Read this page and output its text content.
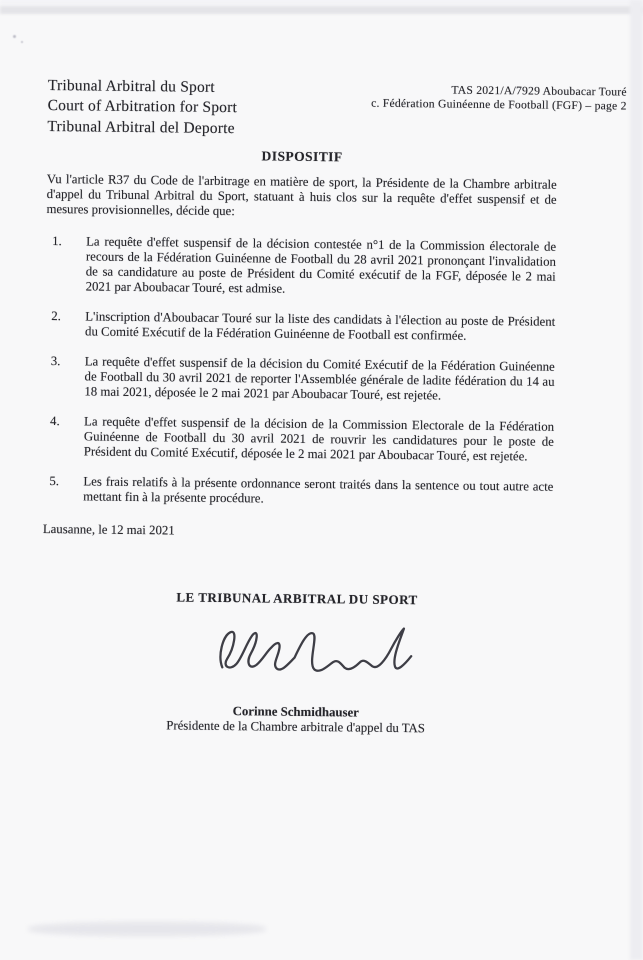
Tribunal Arbitral du Sport
Court of Arbitration for Sport
Tribunal Arbitral del Deporte
TAS 2021/A/7929 Aboubacar Touré
c. Fédération Guinéenne de Football (FGF) – page 2
DISPOSITIF

Vu l'article R37 du Code de l'arbitrage en matière de sport, la Présidente de la Chambre arbitrale d'appel du Tribunal Arbitral du Sport, statuant à huis clos sur la requête d'effet suspensif et de mesures provisionnelles, décide que:

1.	La requête d'effet suspensif de la décision contestée n°1 de la Commission électorale de recours de la Fédération Guinéenne de Football du 28 avril 2021 prononçant l'invalidation de sa candidature au poste de Président du Comité exécutif de la FGF, déposée le 2 mai 2021 par Aboubacar Touré, est admise.
2.	L'inscription d'Aboubacar Touré sur la liste des candidats à l'élection au poste de Président du Comité Exécutif de la Fédération Guinéenne de Football est confirmée.
3.	La requête d'effet suspensif de la décision du Comité Exécutif de la Fédération Guinéenne de Football du 30 avril 2021 de reporter l'Assemblée générale de ladite fédération du 14 au 18 mai 2021, déposée le 2 mai 2021 par Aboubacar Touré, est rejetée.
4.	La requête d'effet suspensif de la décision de la Commission Electorale de la Fédération Guinéenne de Football du 30 avril 2021 de rouvrir les candidatures pour le poste de Président du Comité Exécutif, déposée le 2 mai 2021 par Aboubacar Touré, est rejetée.
5.	Les frais relatifs à la présente ordonnance seront traités dans la sentence ou tout autre acte mettant fin à la présente procédure.
Lausanne, le 12 mai 2021
LE TRIBUNAL ARBITRAL DU SPORT
Corinne Schmidhauser
Présidente de la Chambre arbitrale d'appel du TAS
